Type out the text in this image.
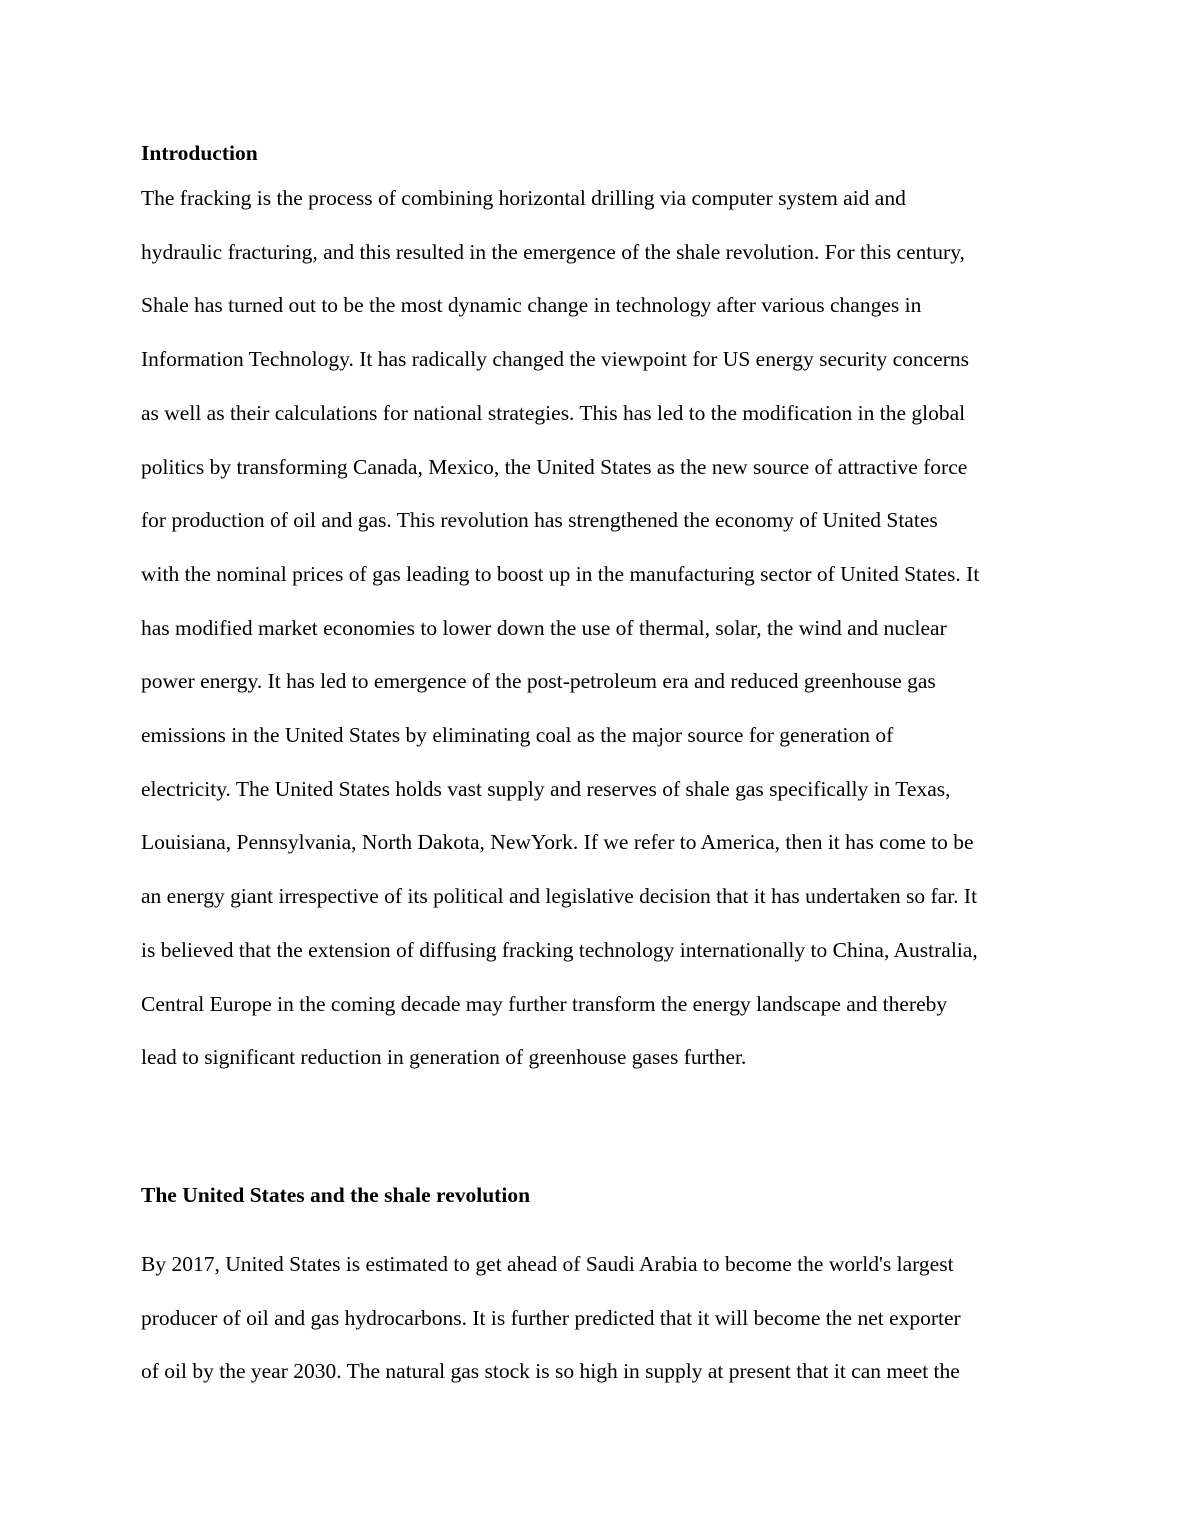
Introduction

The fracking is the process of combining horizontal drilling via computer system aid and
hydraulic fracturing, and this resulted in the emergence of the shale revolution. For this century,
Shale has turned out to be the most dynamic change in technology after various changes in
Information Technology. It has radically changed the viewpoint for US energy security concerns
as well as their calculations for national strategies. This has led to the modification in the global
politics by transforming Canada, Mexico, the United States as the new source of attractive force
for production of oil and gas. This revolution has strengthened the economy of United States
with the nominal prices of gas leading to boost up in the manufacturing sector of United States. It
has modified market economies to lower down the use of thermal, solar, the wind and nuclear
power energy. It has led to emergence of the post-petroleum era and reduced greenhouse gas
emissions in the United States by eliminating coal as the major source for generation of
electricity. The United States holds vast supply and reserves of shale gas specifically in Texas,
Louisiana, Pennsylvania, North Dakota, NewYork. If we refer to America, then it has come to be
an energy giant irrespective of its political and legislative decision that it has undertaken so far. It
is believed that the extension of diffusing fracking technology internationally to China, Australia,
Central Europe in the coming decade may further transform the energy landscape and thereby
lead to significant reduction in generation of greenhouse gases further.

The United States and the shale revolution

By 2017, United States is estimated to get ahead of Saudi Arabia to become the world's largest
producer of oil and gas hydrocarbons. It is further predicted that it will become the net exporter
of oil by the year 2030. The natural gas stock is so high in supply at present that it can meet the
